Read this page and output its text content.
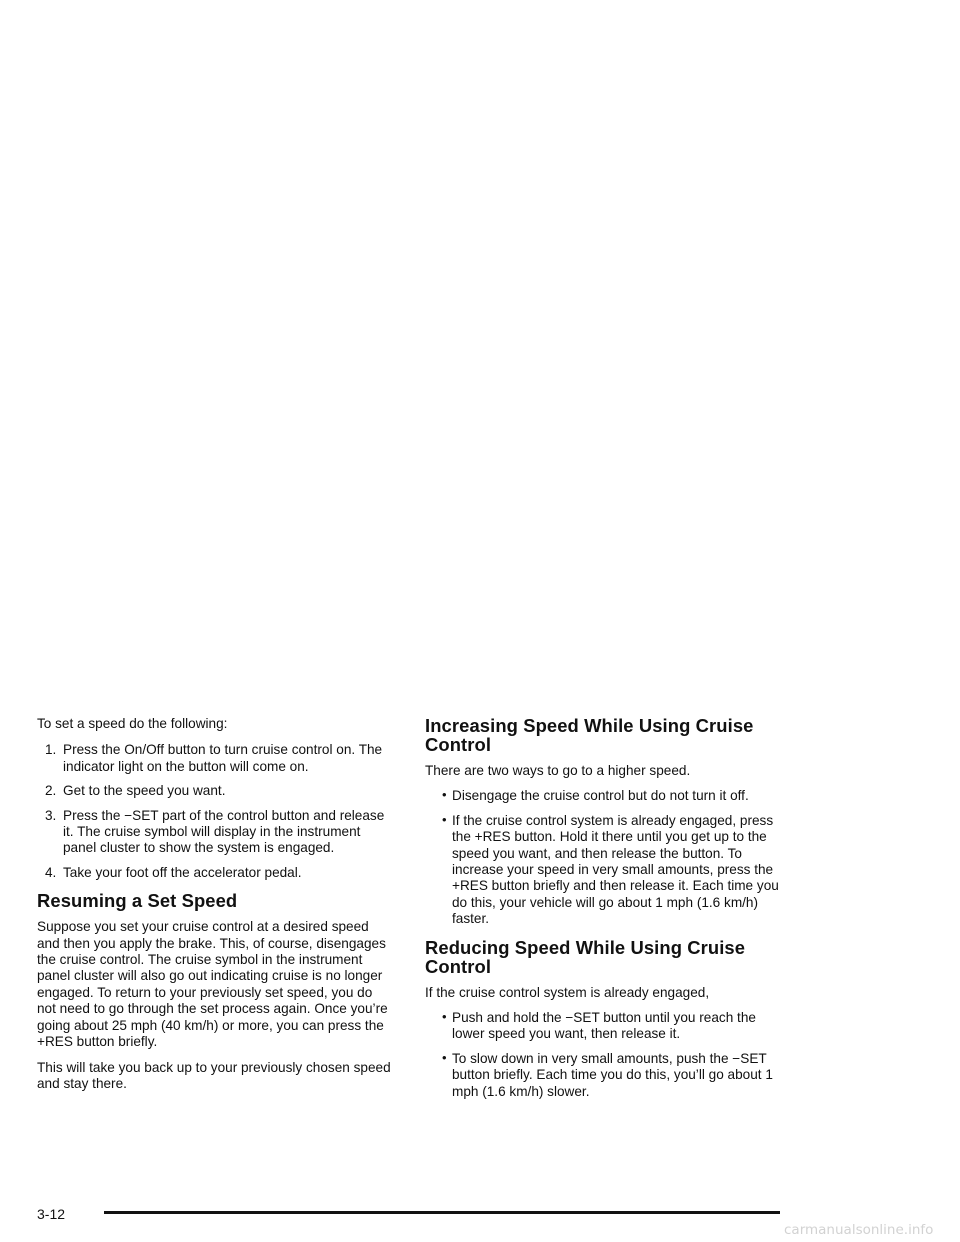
To set a speed do the following:

1. Press the On/Off button to turn cruise control on. The indicator light on the button will come on.
2. Get to the speed you want.
3. Press the −SET part of the control button and release it. The cruise symbol will display in the instrument panel cluster to show the system is engaged.
4. Take your foot off the accelerator pedal.
Resuming a Set Speed

Suppose you set your cruise control at a desired speed and then you apply the brake. This, of course, disengages the cruise control. The cruise symbol in the instrument panel cluster will also go out indicating cruise is no longer engaged. To return to your previously set speed, you do not need to go through the set process again. Once you’re going about 25 mph (40 km/h) or more, you can press the +RES button briefly.

This will take you back up to your previously chosen speed and stay there.

Increasing Speed While Using Cruise Control

There are two ways to go to a higher speed.

• Disengage the cruise control but do not turn it off.
• If the cruise control system is already engaged, press the +RES button. Hold it there until you get up to the speed you want, and then release the button. To increase your speed in very small amounts, press the +RES button briefly and then release it. Each time you do this, your vehicle will go about 1 mph (1.6 km/h) faster.
Reducing Speed While Using Cruise Control

If the cruise control system is already engaged,

• Push and hold the −SET button until you reach the lower speed you want, then release it.
• To slow down in very small amounts, push the −SET button briefly. Each time you do this, you’ll go about 1 mph (1.6 km/h) slower.
3-12
carmanualsonline.info
